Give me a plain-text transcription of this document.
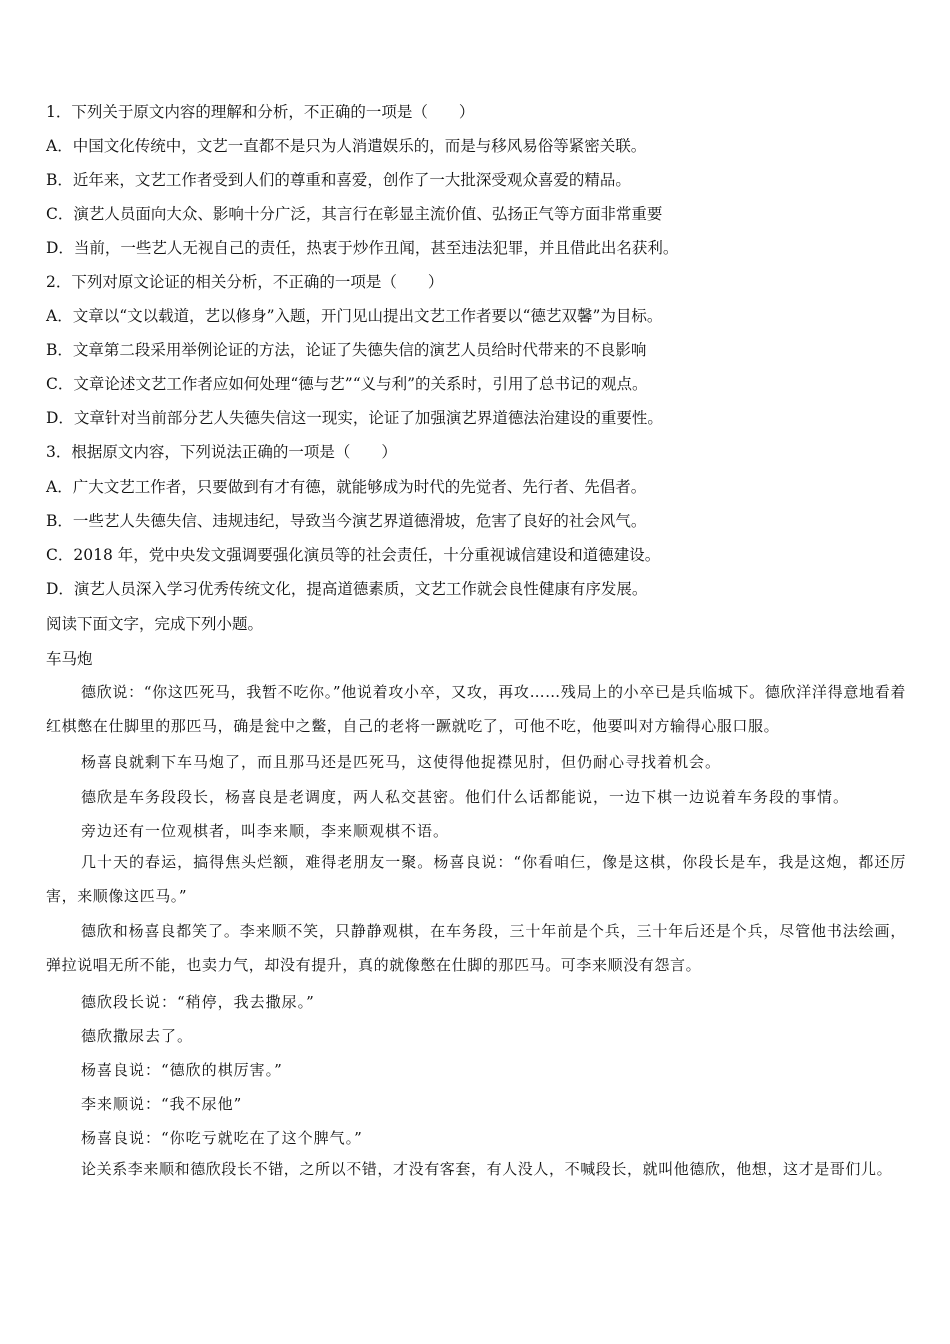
1．下列关于原文内容的理解和分析，不正确的一项是（　　）
A．中国文化传统中，文艺一直都不是只为人消遣娱乐的，而是与移风易俗等紧密关联。
B．近年来，文艺工作者受到人们的尊重和喜爱，创作了一大批深受观众喜爱的精品。
C．演艺人员面向大众、影响十分广泛，其言行在彰显主流价值、弘扬正气等方面非常重要
D．当前，一些艺人无视自己的责任，热衷于炒作丑闻，甚至违法犯罪，并且借此出名获利。
2．下列对原文论证的相关分析，不正确的一项是（　　）
A．文章以“文以载道，艺以修身”入题，开门见山提出文艺工作者要以“德艺双馨”为目标。
B．文章第二段采用举例论证的方法，论证了失德失信的演艺人员给时代带来的不良影响
C．文章论述文艺工作者应如何处理“德与艺”“义与利”的关系时，引用了总书记的观点。
D．文章针对当前部分艺人失德失信这一现实，论证了加强演艺界道德法治建设的重要性。
3．根据原文内容，下列说法正确的一项是（　　）
A．广大文艺工作者，只要做到有才有德，就能够成为时代的先觉者、先行者、先倡者。
B．一些艺人失德失信、违规违纪，导致当今演艺界道德滑坡，危害了良好的社会风气。
C．2018 年，党中央发文强调要强化演员等的社会责任，十分重视诚信建设和道德建设。
D．演艺人员深入学习优秀传统文化，提高道德素质，文艺工作就会良性健康有序发展。
阅读下面文字，完成下列小题。
车马炮
德欣说：“你这匹死马，我暂不吃你。”他说着攻小卒，又攻，再攻……残局上的小卒已是兵临城下。德欣洋洋得意地看着红棋憋在仕脚里的那匹马，确是瓮中之鳖，自己的老将一蹶就吃了，可他不吃，他要叫对方输得心服口服。
杨喜良就剩下车马炮了，而且那马还是匹死马，这使得他捉襟见肘，但仍耐心寻找着机会。
德欣是车务段段长，杨喜良是老调度，两人私交甚密。他们什么话都能说，一边下棋一边说着车务段的事情。
旁边还有一位观棋者，叫李来顺，李来顺观棋不语。
几十天的春运，搞得焦头烂额，难得老朋友一聚。杨喜良说：“你看咱仨，像是这棋，你段长是车，我是这炮，都还厉害，来顺像这匹马。”
德欣和杨喜良都笑了。李来顺不笑，只静静观棋，在车务段，三十年前是个兵，三十年后还是个兵，尽管他书法绘画，弹拉说唱无所不能，也卖力气，却没有提升，真的就像憋在仕脚的那匹马。可李来顺没有怨言。
德欣段长说：“稍停，我去撒尿。”
德欣撒尿去了。
杨喜良说：“德欣的棋厉害。”
李来顺说：“我不尿他”
杨喜良说：“你吃亏就吃在了这个脾气。”
论关系李来顺和德欣段长不错，之所以不错，才没有客套，有人没人，不喊段长，就叫他德欣，他想，这才是哥们儿。
